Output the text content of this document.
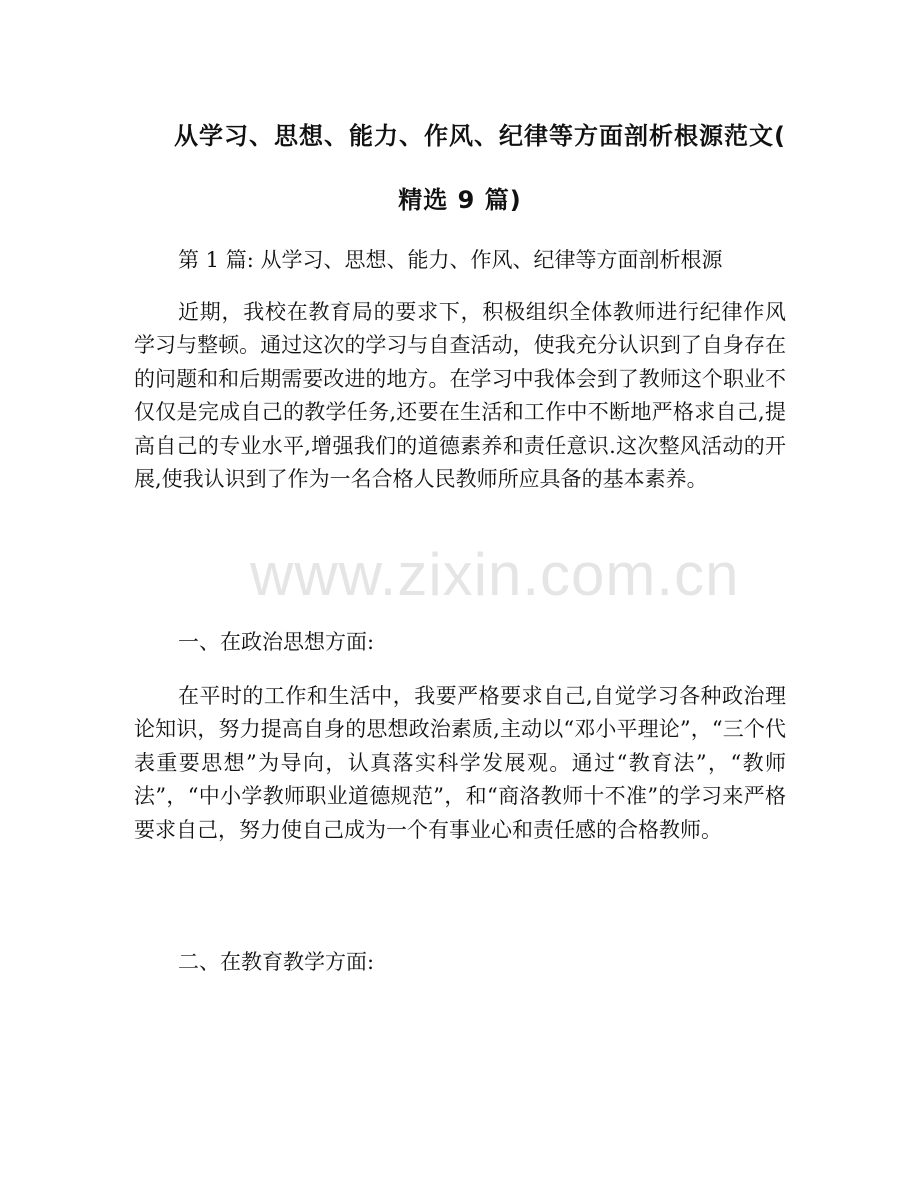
从学习、思想、能力、作风、纪律等方面剖析根源范文(
精选 9 篇)

第 1 篇: 从学习、思想、能力、作风、纪律等方面剖析根源

近期，我校在教育局的要求下，积极组织全体教师进行纪律作风学习与整顿。通过这次的学习与自查活动，使我充分认识到了自身存在的问题和和后期需要改进的地方。在学习中我体会到了教师这个职业不仅仅是完成自己的教学任务,还要在生活和工作中不断地严格求自己,提高自己的专业水平,增强我们的道德素养和责任意识.这次整风活动的开展,使我认识到了作为一名合格人民教师所应具备的基本素养。

一、在政治思想方面:

在平时的工作和生活中，我要严格要求自己,自觉学习各种政治理论知识，努力提高自身的思想政治素质,主动以“邓小平理论”，“三个代表重要思想”为导向，认真落实科学发展观。通过“教育法”，“教师法”，“中小学教师职业道德规范”，和“商洛教师十不准”的学习来严格要求自己，努力使自己成为一个有事业心和责任感的合格教师。

二、在教育教学方面:

www.zixin.com.cn
